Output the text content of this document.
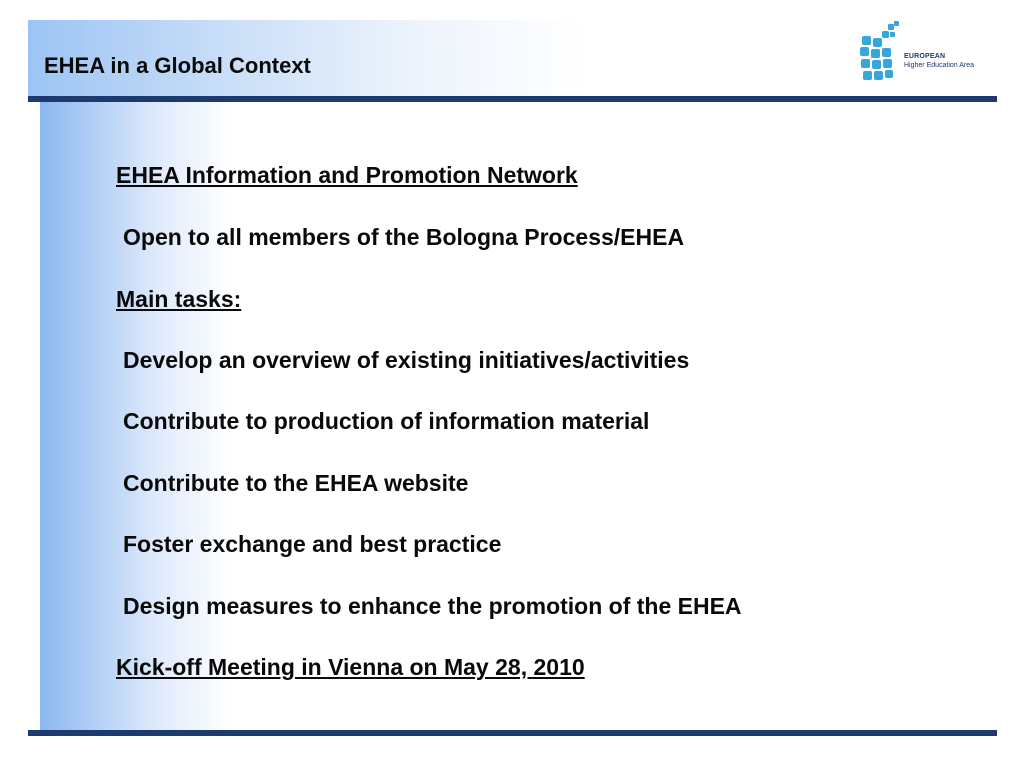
EHEA in a Global Context	EUROPEAN
Higher Education Area
EHEA Information and Promotion Network
Open to all members of the Bologna Process/EHEA
Main tasks:
Develop an overview of existing initiatives/activities
Contribute to production of information material
Contribute to the EHEA website
Foster exchange and best practice
Design measures to enhance the promotion of the EHEA
Kick-off Meeting in Vienna on May 28, 2010
